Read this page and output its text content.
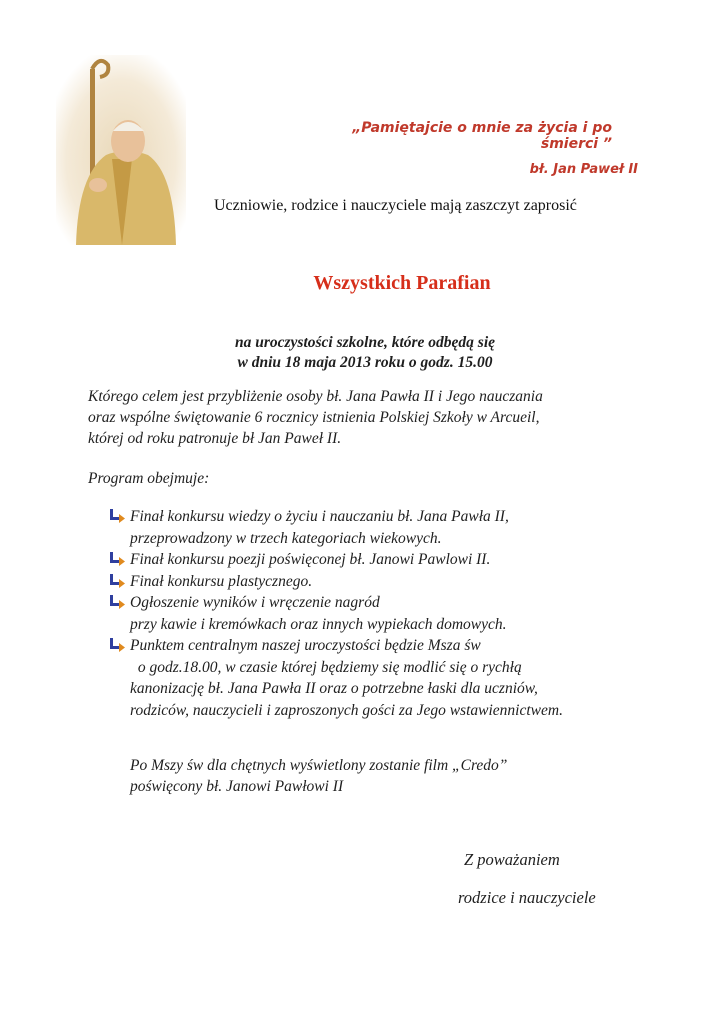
„Pamiętajcie o mnie za życia i po śmierci ”
bł. Jan Paweł II
Uczniowie, rodzice i nauczyciele mają zaszczyt zaprosić
Wszystkich Parafian
na uroczystości szkolne, które odbędą się
w dniu 18 maja 2013 roku o godz. 15.00
Którego celem jest przybliżenie osoby bł. Jana Pawła II i Jego nauczania
oraz wspólne świętowanie 6 rocznicy istnienia Polskiej Szkoły w Arcueil,
której od roku patronuje bł Jan Paweł II.
Program obejmuje:
Finał konkursu wiedzy o życiu i nauczaniu bł. Jana Pawła II,
przeprowadzony w trzech kategoriach wiekowych.
Finał konkursu poezji poświęconej bł. Janowi Pawlowi II.
Finał konkursu plastycznego.
Ogłoszenie wyników i wręczenie nagród
przy kawie i kremówkach oraz innych wypiekach domowych.
Punktem centralnym naszej uroczystości będzie Msza św
o godz.18.00, w czasie której będziemy się modlić się o rychłą
kanonizację bł. Jana Pawła II oraz o potrzebne łaski dla uczniów,
rodziców, nauczycieli i zaproszonych gości za Jego wstawiennictwem.
Po Mszy św dla chętnych wyświetlony zostanie film „Credo”
poświęcony bł. Janowi Pawłowi II
Z poważaniem
rodzice i nauczyciele
